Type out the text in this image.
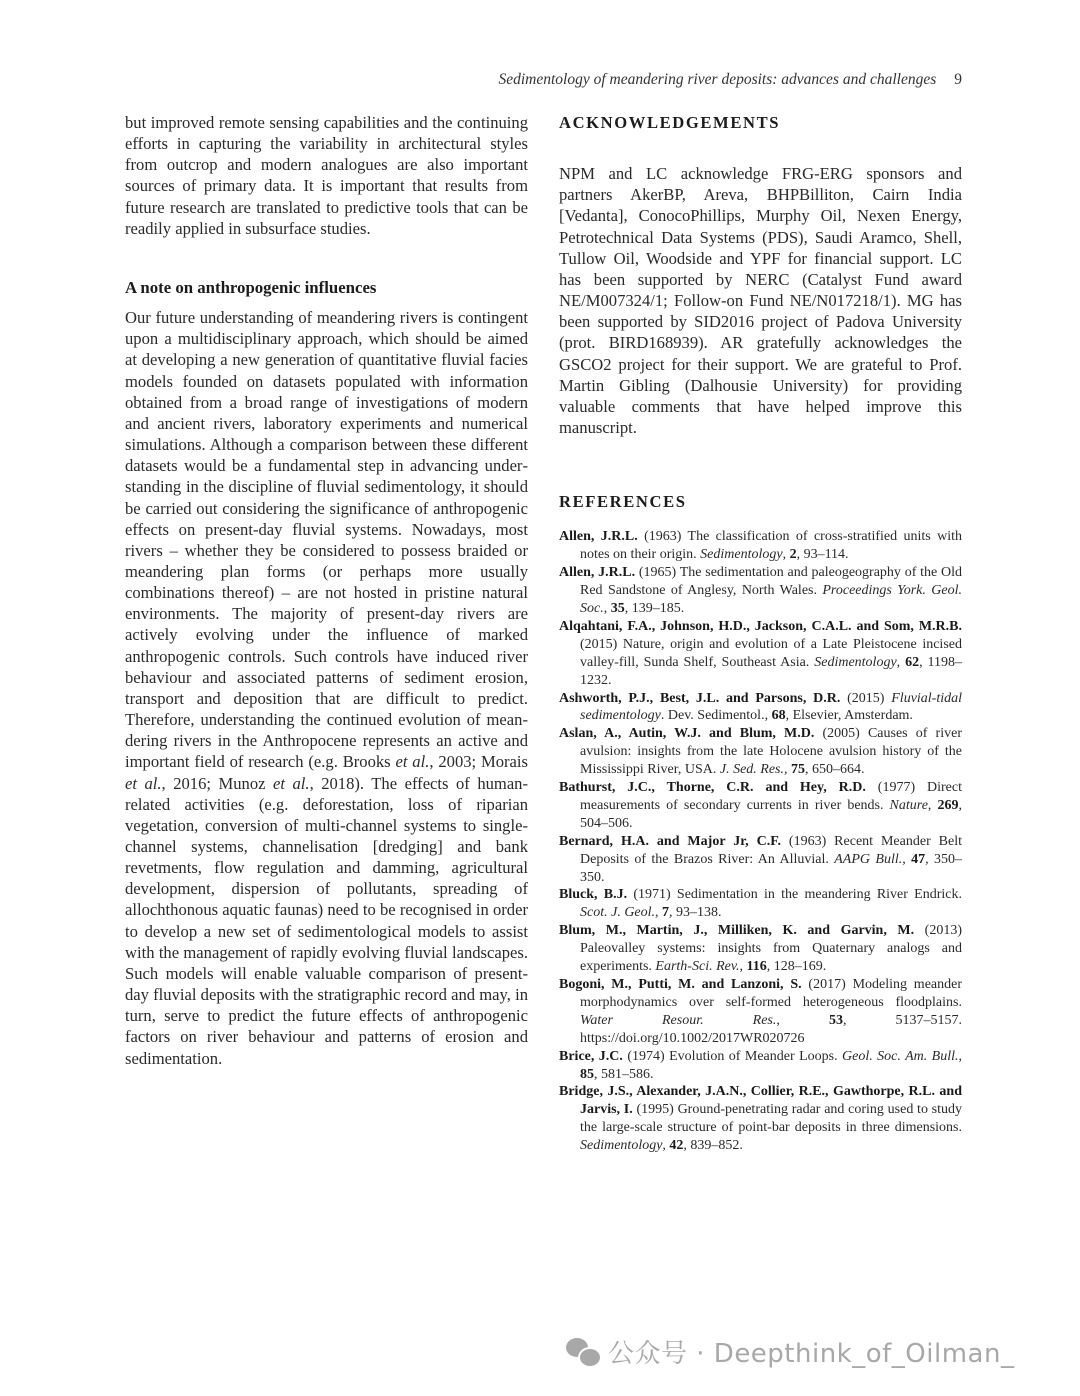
Sedimentology of meandering river deposits: advances and challenges 9

but improved remote sensing capabilities and the continuing efforts in capturing the variability in architectural styles from outcrop and modern analogues are also important sources of primary data. It is important that results from future research are translated to predictive tools that can be readily applied in subsurface studies.

A note on anthropogenic influences

Our future understanding of meandering rivers is contingent upon a multidisciplinary approach, which should be aimed at developing a new generation of quantitative fluvial facies models founded on datasets populated with information obtained from a broad range of investigations of modern and ancient rivers, laboratory experiments and numerical simulations. Although a comparison between these different datasets would be a fundamental step in advancing understanding in the discipline of fluvial sedimentology, it should be carried out considering the significance of anthropogenic effects on present-day fluvial systems. Nowadays, most rivers – whether they be considered to possess braided or meandering plan forms (or perhaps more usually combinations thereof) – are not hosted in pristine natural environments. The majority of present-day rivers are actively evolving under the influence of marked anthropogenic controls. Such controls have induced river behaviour and associated patterns of sediment erosion, transport and deposition that are difficult to predict. Therefore, understanding the continued evolution of meandering rivers in the Anthropocene represents an active and important field of research (e.g. Brooks et al., 2003; Morais et al., 2016; Munoz et al., 2018). The effects of human-related activities (e.g. deforestation, loss of riparian vegetation, conversion of multi-channel systems to single-channel systems, channelisation [dredging] and bank revetments, flow regulation and damming, agricultural development, dispersion of pollutants, spreading of allochthonous aquatic faunas) need to be recognised in order to develop a new set of sedimentological models to assist with the management of rapidly evolving fluvial landscapes. Such models will enable valuable comparison of present-day fluvial deposits with the stratigraphic record and may, in turn, serve to predict the future effects of anthropogenic factors on river behaviour and patterns of erosion and sedimentation.

ACKNOWLEDGEMENTS

NPM and LC acknowledge FRG-ERG sponsors and partners AkerBP, Areva, BHPBilliton, Cairn India [Vedanta], ConocoPhillips, Murphy Oil, Nexen Energy, Petrotechnical Data Systems (PDS), Saudi Aramco, Shell, Tullow Oil, Woodside and YPF for financial support. LC has been supported by NERC (Catalyst Fund award NE/M007324/1; Follow-on Fund NE/N017218/1). MG has been supported by SID2016 project of Padova University (prot. BIRD168939). AR gratefully acknowledges the GSCO2 project for their support. We are grateful to Prof. Martin Gibling (Dalhousie University) for providing valuable comments that have helped improve this manuscript.

REFERENCES
Allen, J.R.L. (1963) The classification of cross-stratified units with notes on their origin. Sedimentology, 2, 93–114.
Allen, J.R.L. (1965) The sedimentation and paleogeography of the Old Red Sandstone of Anglesy, North Wales. Proceedings York. Geol. Soc., 35, 139–185.
Alqahtani, F.A., Johnson, H.D., Jackson, C.A.L. and Som, M.R.B. (2015) Nature, origin and evolution of a Late Pleistocene incised valley-fill, Sunda Shelf, Southeast Asia. Sedimentology, 62, 1198–1232.
Ashworth, P.J., Best, J.L. and Parsons, D.R. (2015) Fluvial-tidal sedimentology. Dev. Sedimentol., 68, Elsevier, Amsterdam.
Aslan, A., Autin, W.J. and Blum, M.D. (2005) Causes of river avulsion: insights from the late Holocene avulsion history of the Mississippi River, USA. J. Sed. Res., 75, 650–664.
Bathurst, J.C., Thorne, C.R. and Hey, R.D. (1977) Direct measurements of secondary currents in river bends. Nature, 269, 504–506.
Bernard, H.A. and Major Jr, C.F. (1963) Recent Meander Belt Deposits of the Brazos River: An Alluvial. AAPG Bull., 47, 350–350.
Bluck, B.J. (1971) Sedimentation in the meandering River Endrick. Scot. J. Geol., 7, 93–138.
Blum, M., Martin, J., Milliken, K. and Garvin, M. (2013) Paleovalley systems: insights from Quaternary analogs and experiments. Earth-Sci. Rev., 116, 128–169.
Bogoni, M., Putti, M. and Lanzoni, S. (2017) Modeling meander morphodynamics over self-formed heterogeneous floodplains. Water Resour. Res., 53, 5137–5157. https://doi.org/10.1002/2017WR020726
Brice, J.C. (1974) Evolution of Meander Loops. Geol. Soc. Am. Bull., 85, 581–586.
Bridge, J.S., Alexander, J.A.N., Collier, R.E., Gawthorpe, R.L. and Jarvis, I. (1995) Ground-penetrating radar and coring used to study the large-scale structure of point-bar deposits in three dimensions. Sedimentology, 42, 839–852.
公众号 · Deepthink_of_Oilman_
